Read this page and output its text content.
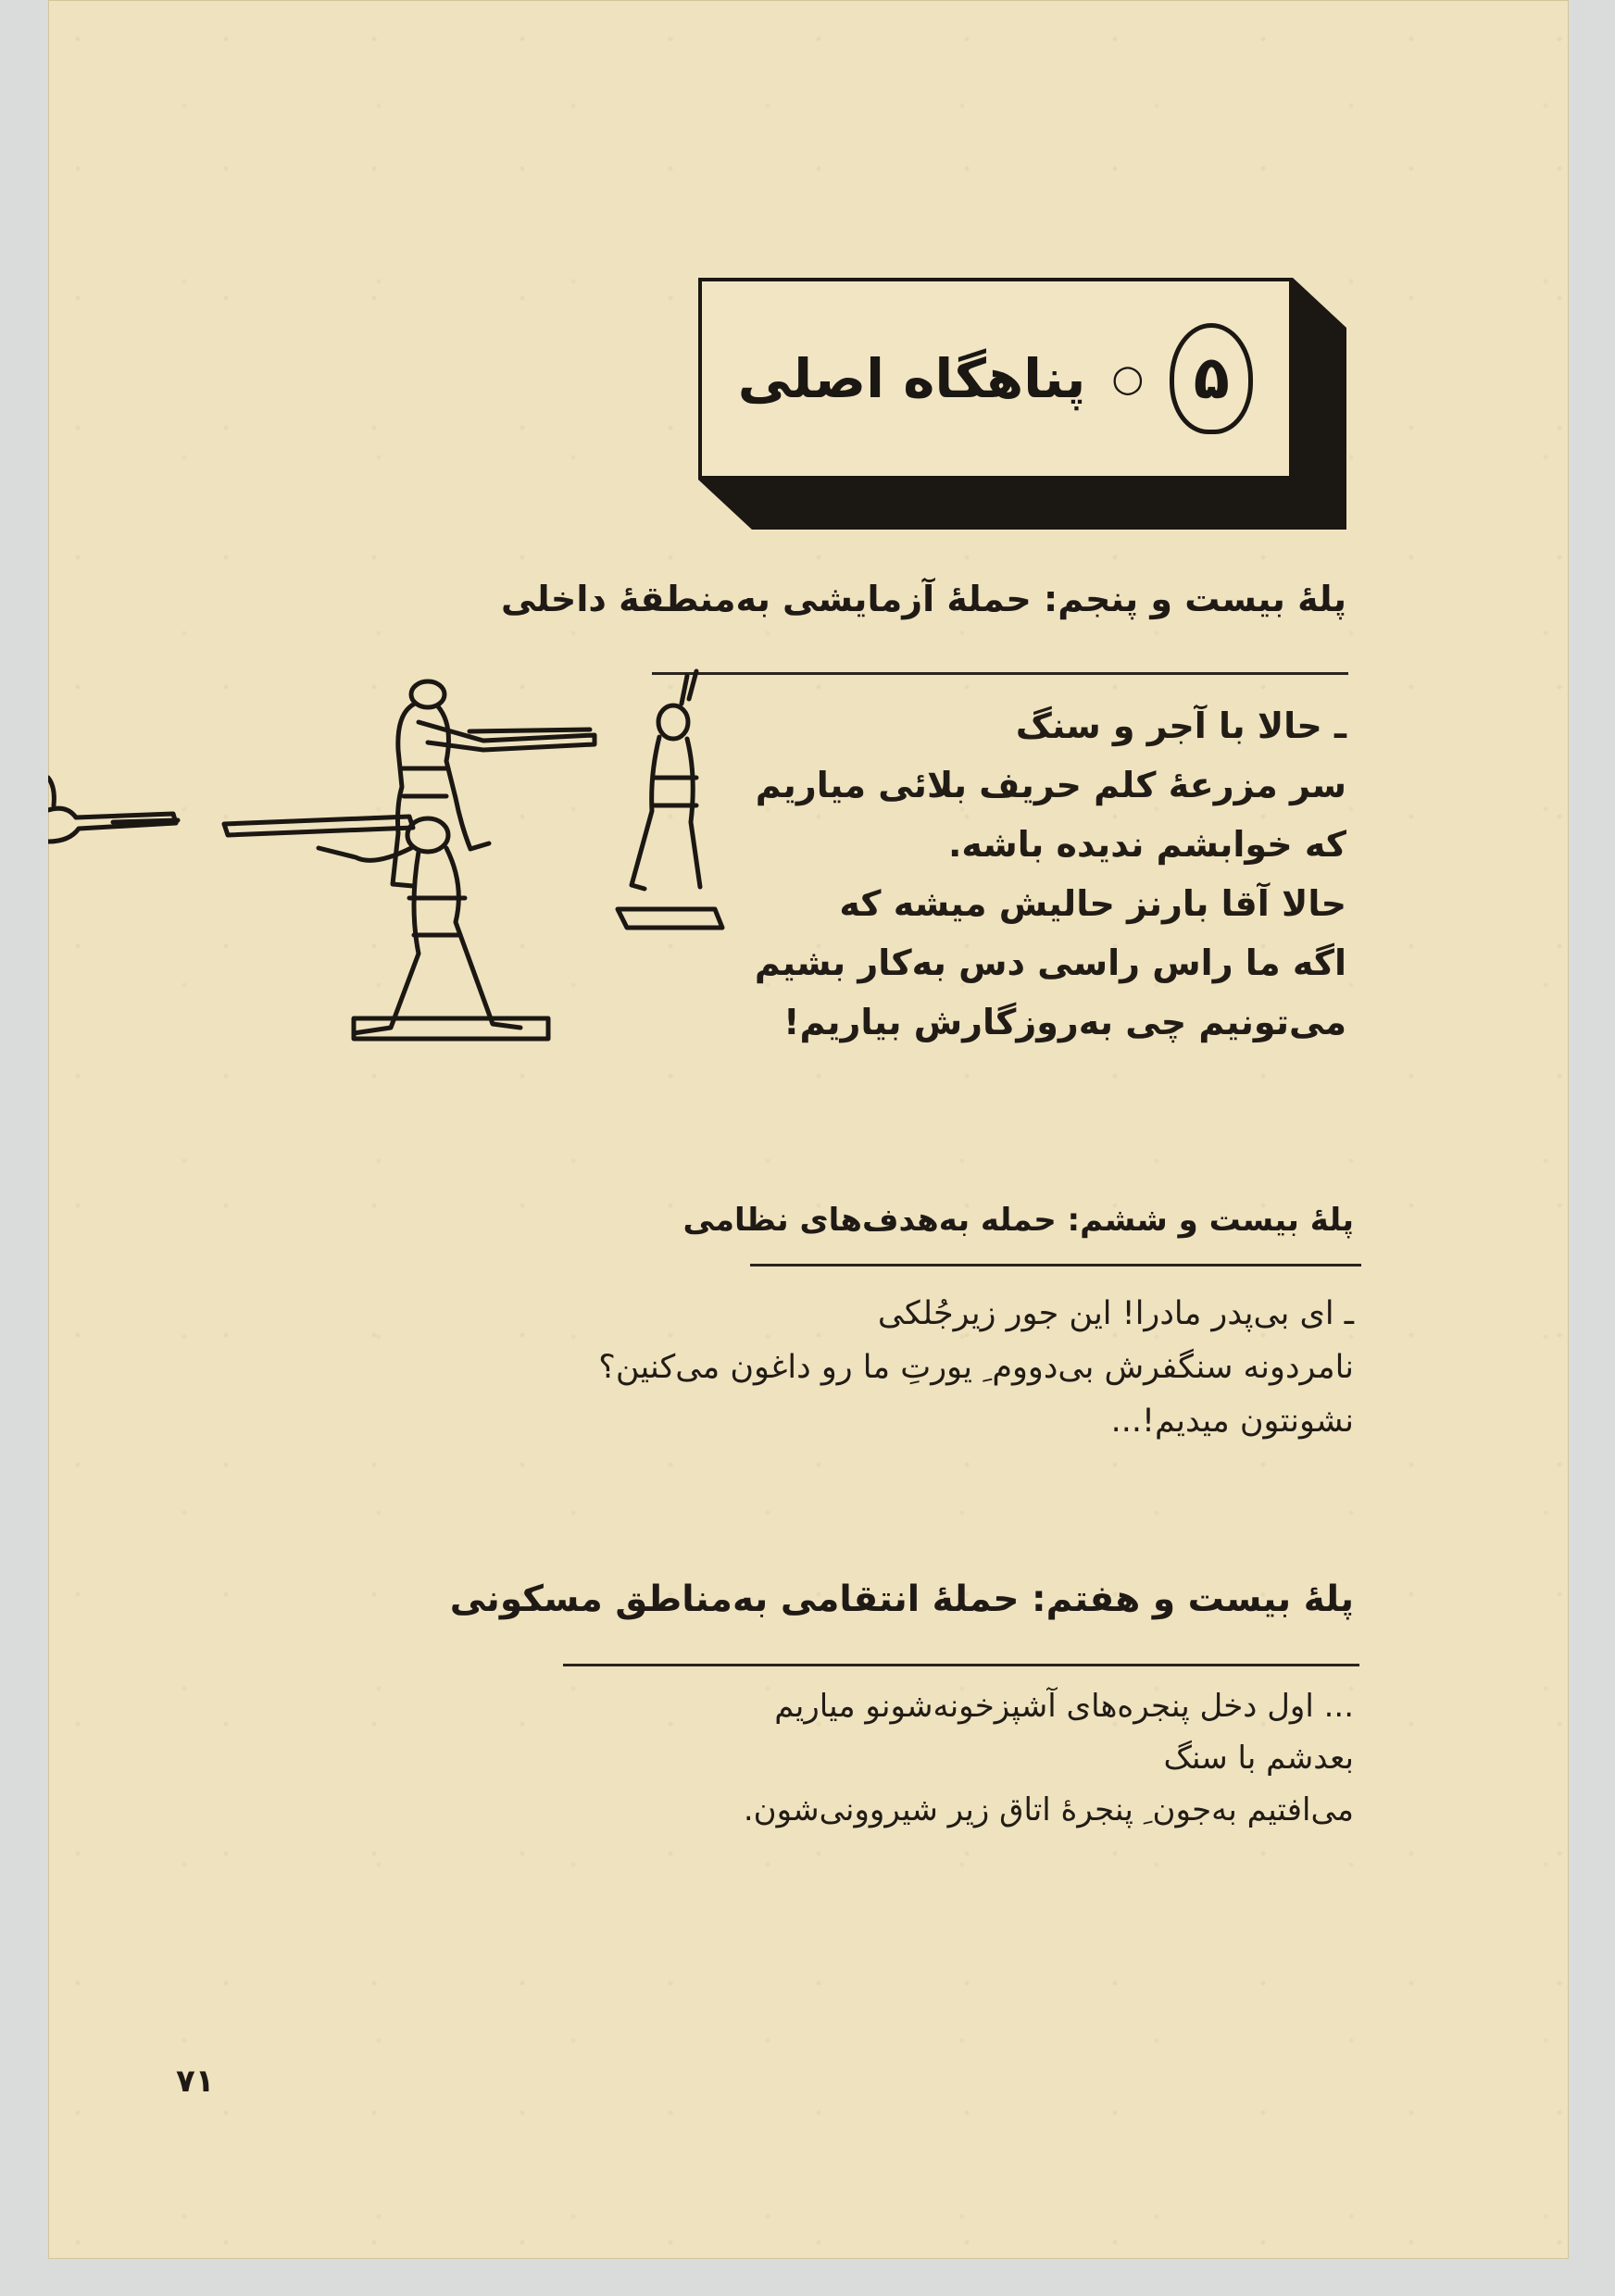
۵
○
پناهگاه اصلی
پلهٔ بیست و پنجم: حملهٔ آزمایشی به‌منطقهٔ داخلی
ـ حالا با آجر و سنگ
سر مزرعهٔ کلم حریف بلائی میاریم
که خوابشم ندیده باشه.
حالا آقا بارنز حالیش میشه که
اگه ما راس راسی دس به‌کار بشیم
می‌تونیم چی به‌روزگارش بیاریم!
پلهٔ بیست و ششم: حمله به‌هدف‌های نظامی
ـ ای بی‌پدر مادرا! این جور زیرجُلکی
نامردونه سنگفرش بی‌دووم ِ یورتِ ما رو داغون می‌کنین؟
نشونتون میدیم!...
پلهٔ بیست و هفتم: حملهٔ انتقامی به‌مناطق مسکونی
... اول دخل پنجره‌های آشپزخونه‌شونو میاریم
بعدشم با سنگ
می‌افتیم به‌جون ِ پنجرهٔ اتاق زیر شیروونی‌شون.
۷۱
